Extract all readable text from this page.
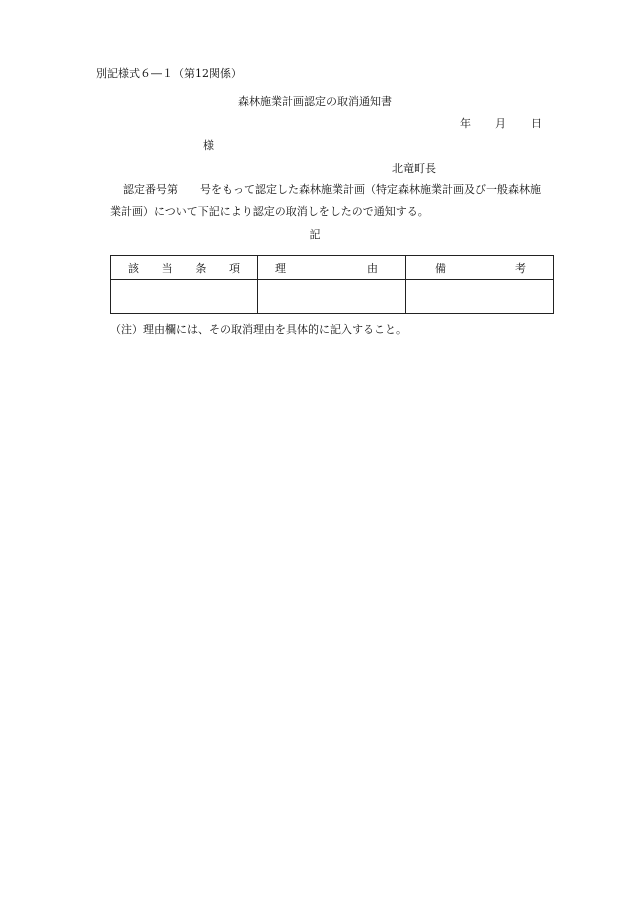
別記様式６―１（第12関係）
森林施業計画認定の取消通知書
年 月 日
様
北竜町長
認定番号第　　号をもって認定した森林施業計画（特定森林施業計画及び一般森林施
業計画）について下記により認定の取消しをしたので通知する。
記
該 当 条 項	理 由	備 考

（注）理由欄には、その取消理由を具体的に記入すること。
